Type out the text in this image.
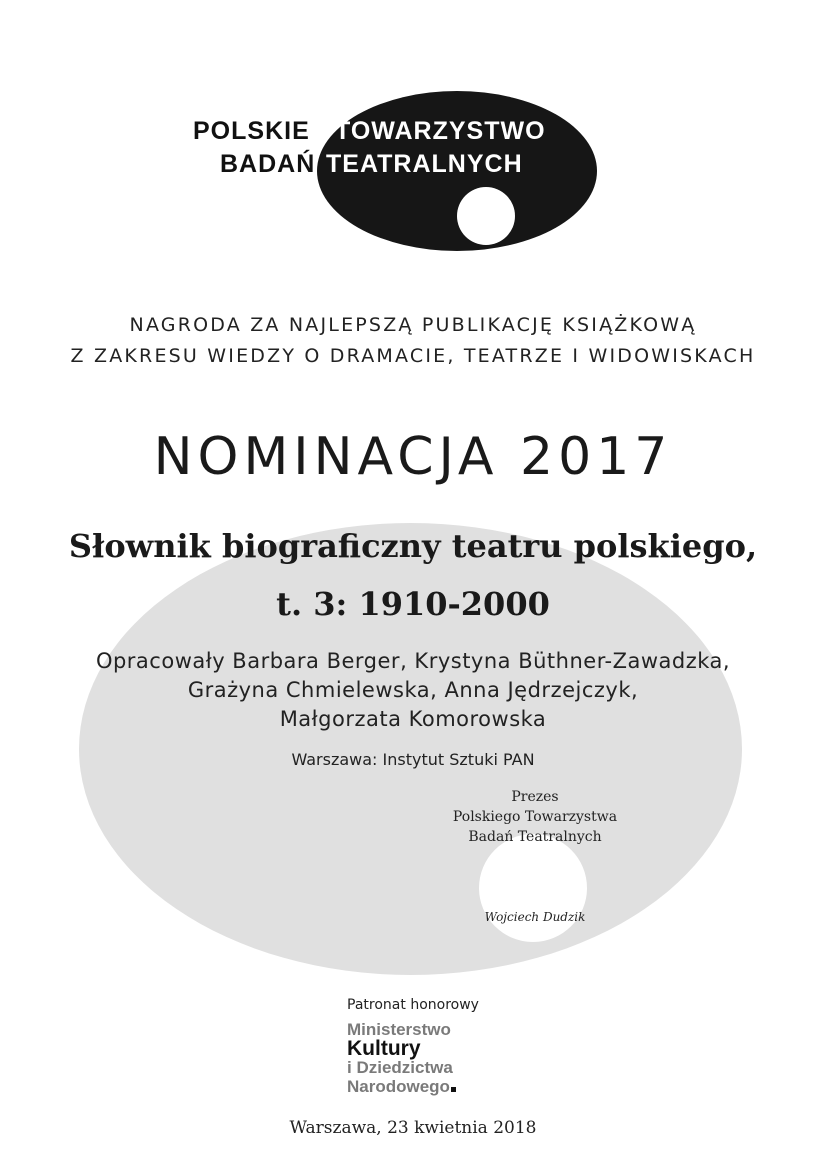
POLSKIE TOWARZYSTWO
BADAŃ TEATRALNYCH
NAGRODA ZA NAJLEPSZĄ PUBLIKACJĘ KSIĄŻKOWĄ
Z ZAKRESU WIEDZY O DRAMACIE, TEATRZE I WIDOWISKACH
NOMINACJA 2017
Słownik biograficzny teatru polskiego,
t. 3: 1910-2000
Opracowały Barbara Berger, Krystyna Büthner-Zawadzka,
Grażyna Chmielewska, Anna Jędrzejczyk,
Małgorzata Komorowska
Warszawa: Instytut Sztuki PAN
Prezes
Polskiego Towarzystwa
Badań Teatralnych
Wojciech Dudzik
Patronat honorowy
Ministerstwo
Kultury
i Dziedzictwa
Narodowego
Warszawa, 23 kwietnia 2018
